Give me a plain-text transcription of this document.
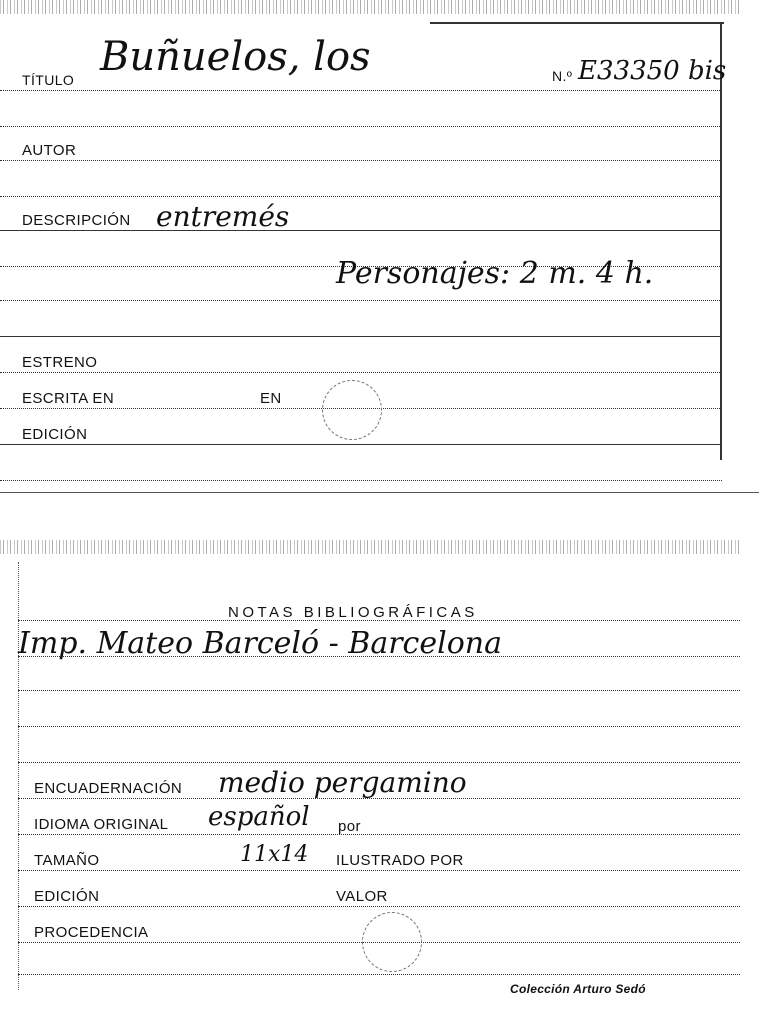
TÍTULO Buñuelos, los	N.º E33350 bis
AUTOR
DESCRIPCIÓN entremés
Personajes: 2 m. 4 h.
ESTRENO
ESCRITA EN	EN
EDICIÓN
NOTAS BIBLIOGRÁFICAS
Imp. Mateo Barceló - Barcelona
ENCUADERNACIÓN medio pergamino
IDIOMA ORIGINAL español por
TAMAÑO	11x14 ILUSTRADO POR
EDICIÓN	VALOR
PROCEDENCIA
Colección Arturo Sedó
